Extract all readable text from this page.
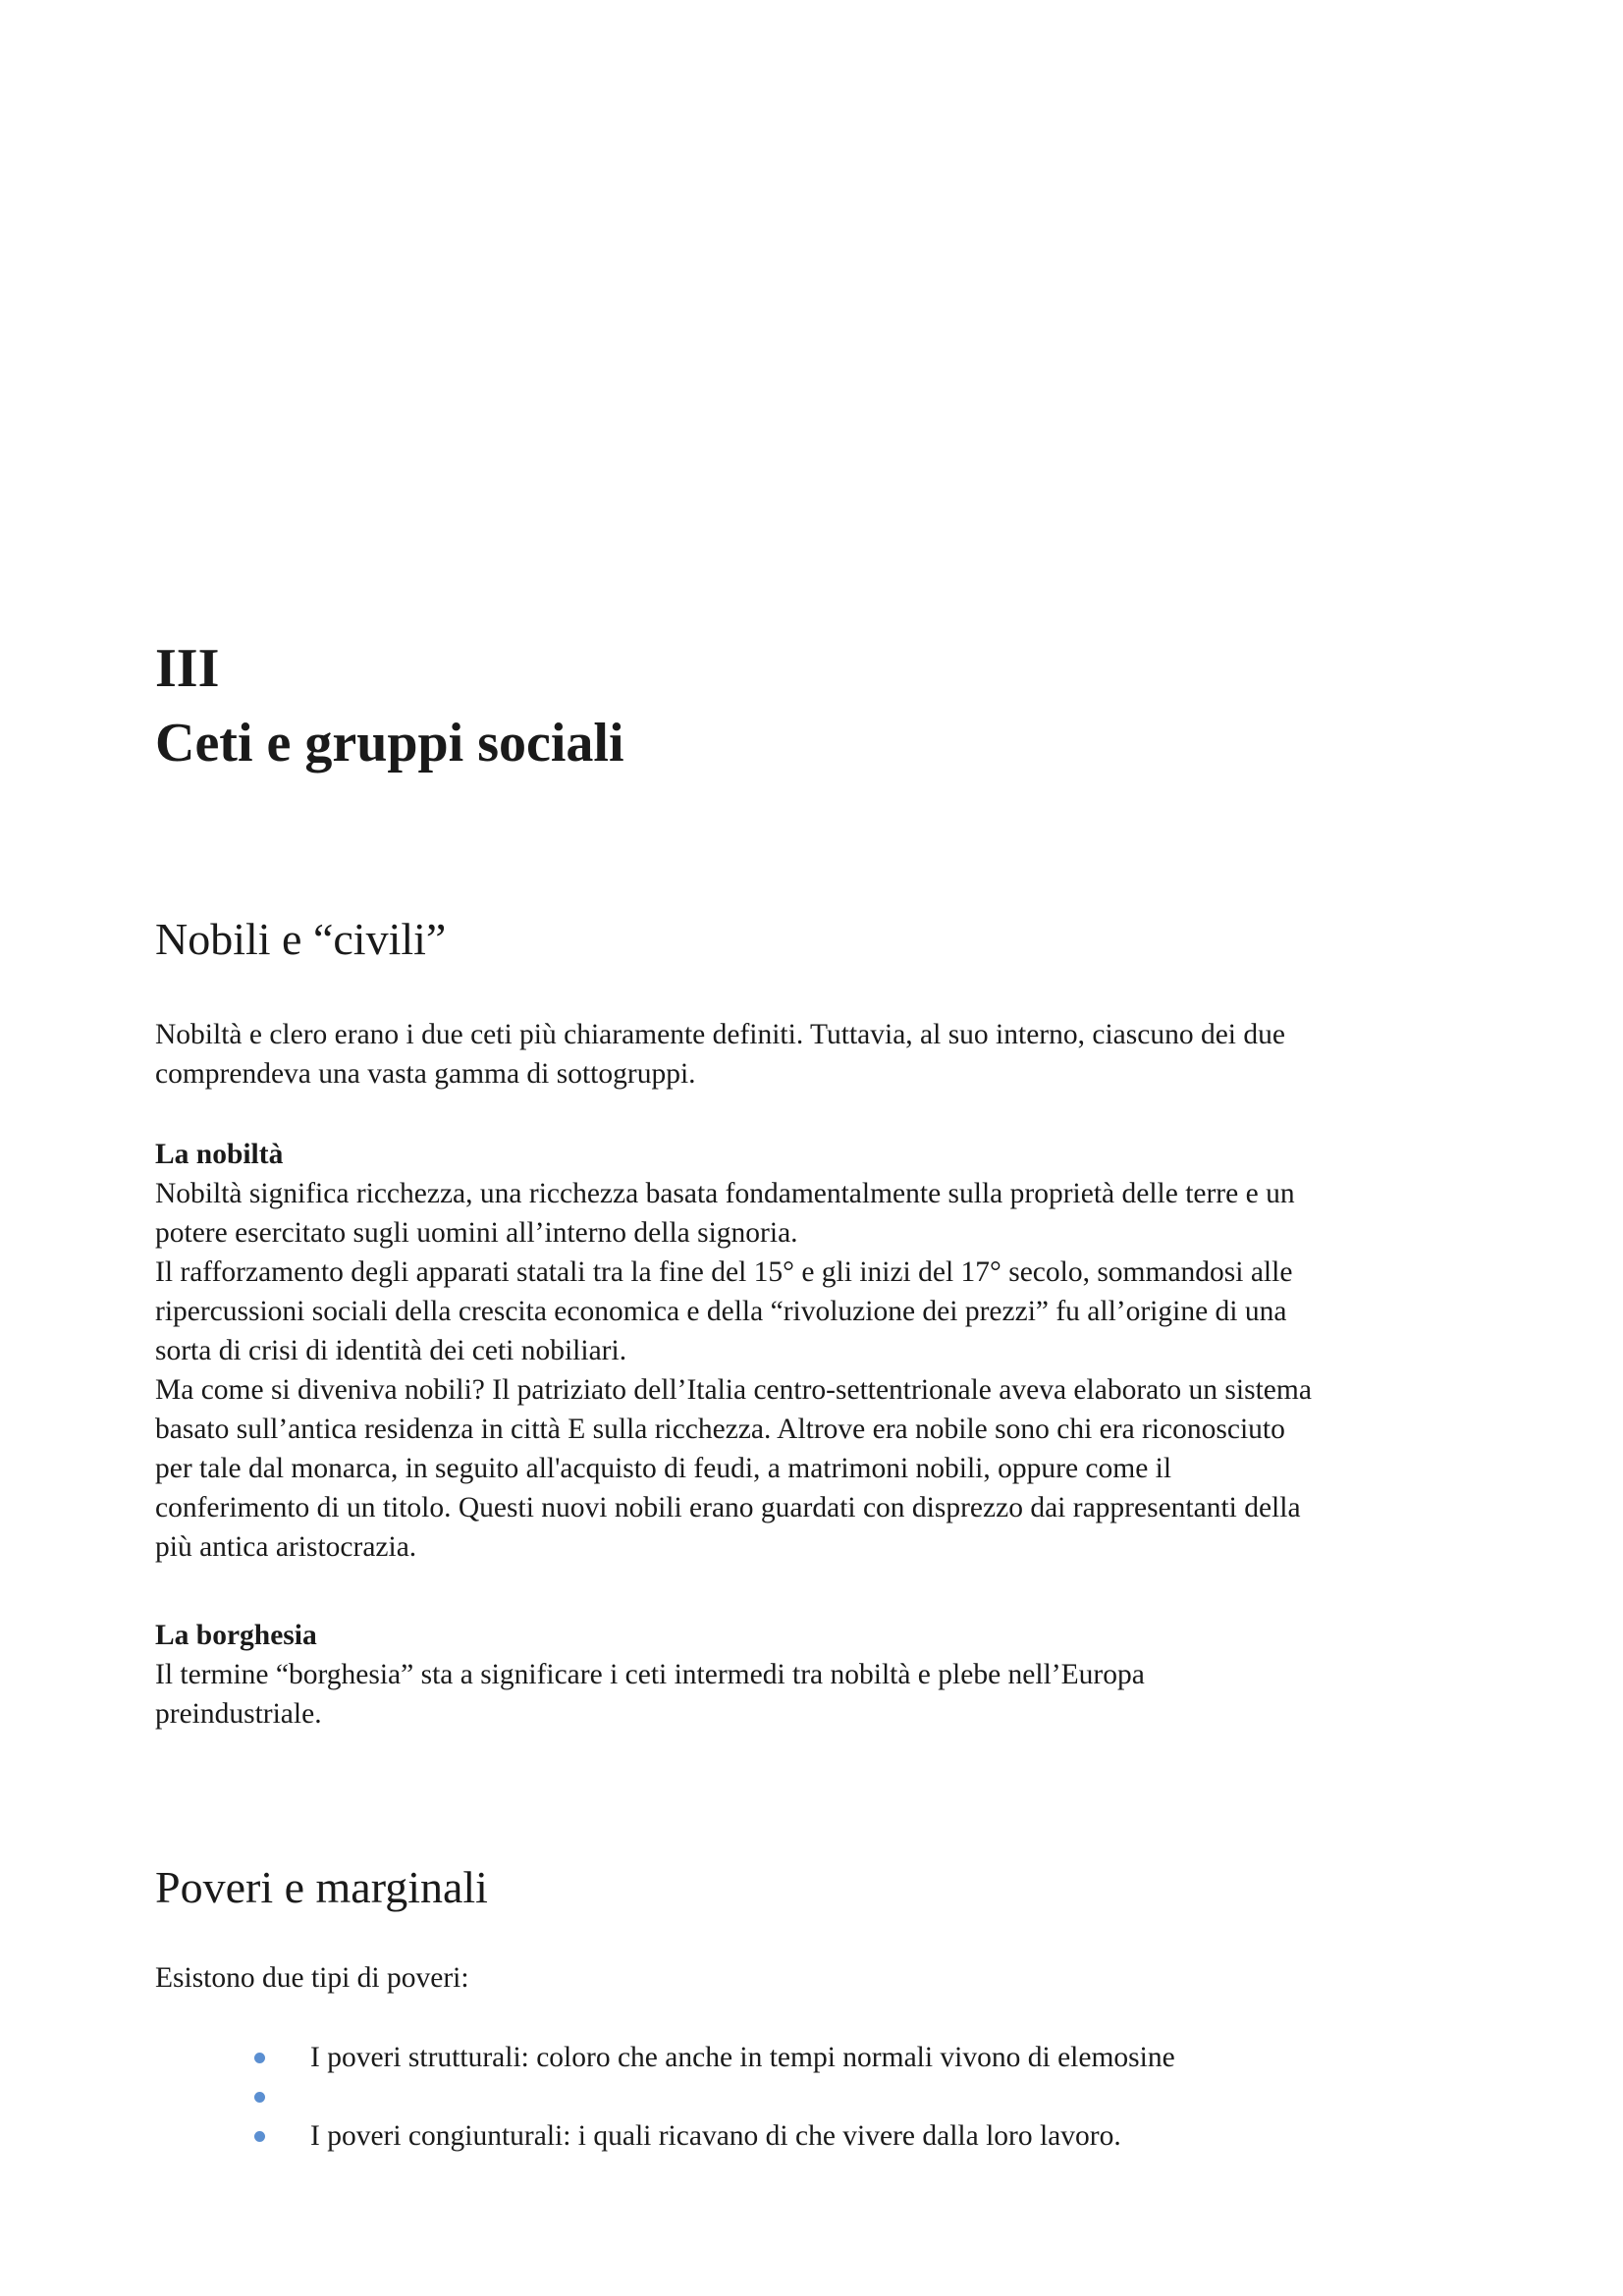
III
Ceti e gruppi sociali
Nobili e “civili”

Nobiltà e clero erano i due ceti più chiaramente definiti. Tuttavia, al suo interno, ciascuno dei due
comprendeva una vasta gamma di sottogruppi.

La nobiltà

Nobiltà significa ricchezza, una ricchezza basata fondamentalmente sulla proprietà delle terre e un
potere esercitato sugli uomini all’interno della signoria.
Il rafforzamento degli apparati statali tra la fine del 15° e gli inizi del 17° secolo, sommandosi alle
ripercussioni sociali della crescita economica e della “rivoluzione dei prezzi” fu all’origine di una
sorta di crisi di identità dei ceti nobiliari.
Ma come si diveniva nobili? Il patriziato dell’Italia centro-settentrionale aveva elaborato un sistema
basato sull’antica residenza in città E sulla ricchezza. Altrove era nobile sono chi era riconosciuto
per tale dal monarca, in seguito all'acquisto di feudi, a matrimoni nobili, oppure come il
conferimento di un titolo. Questi nuovi nobili erano guardati con disprezzo dai rappresentanti della
più antica aristocrazia.

La borghesia

Il termine “borghesia” sta a significare i ceti intermedi tra nobiltà e plebe nell’Europa
preindustriale.

Poveri e marginali

Esistono due tipi di poveri:

I poveri strutturali: coloro che anche in tempi normali vivono di elemosine
I poveri congiunturali: i quali ricavano di che vivere dalla loro lavoro.
